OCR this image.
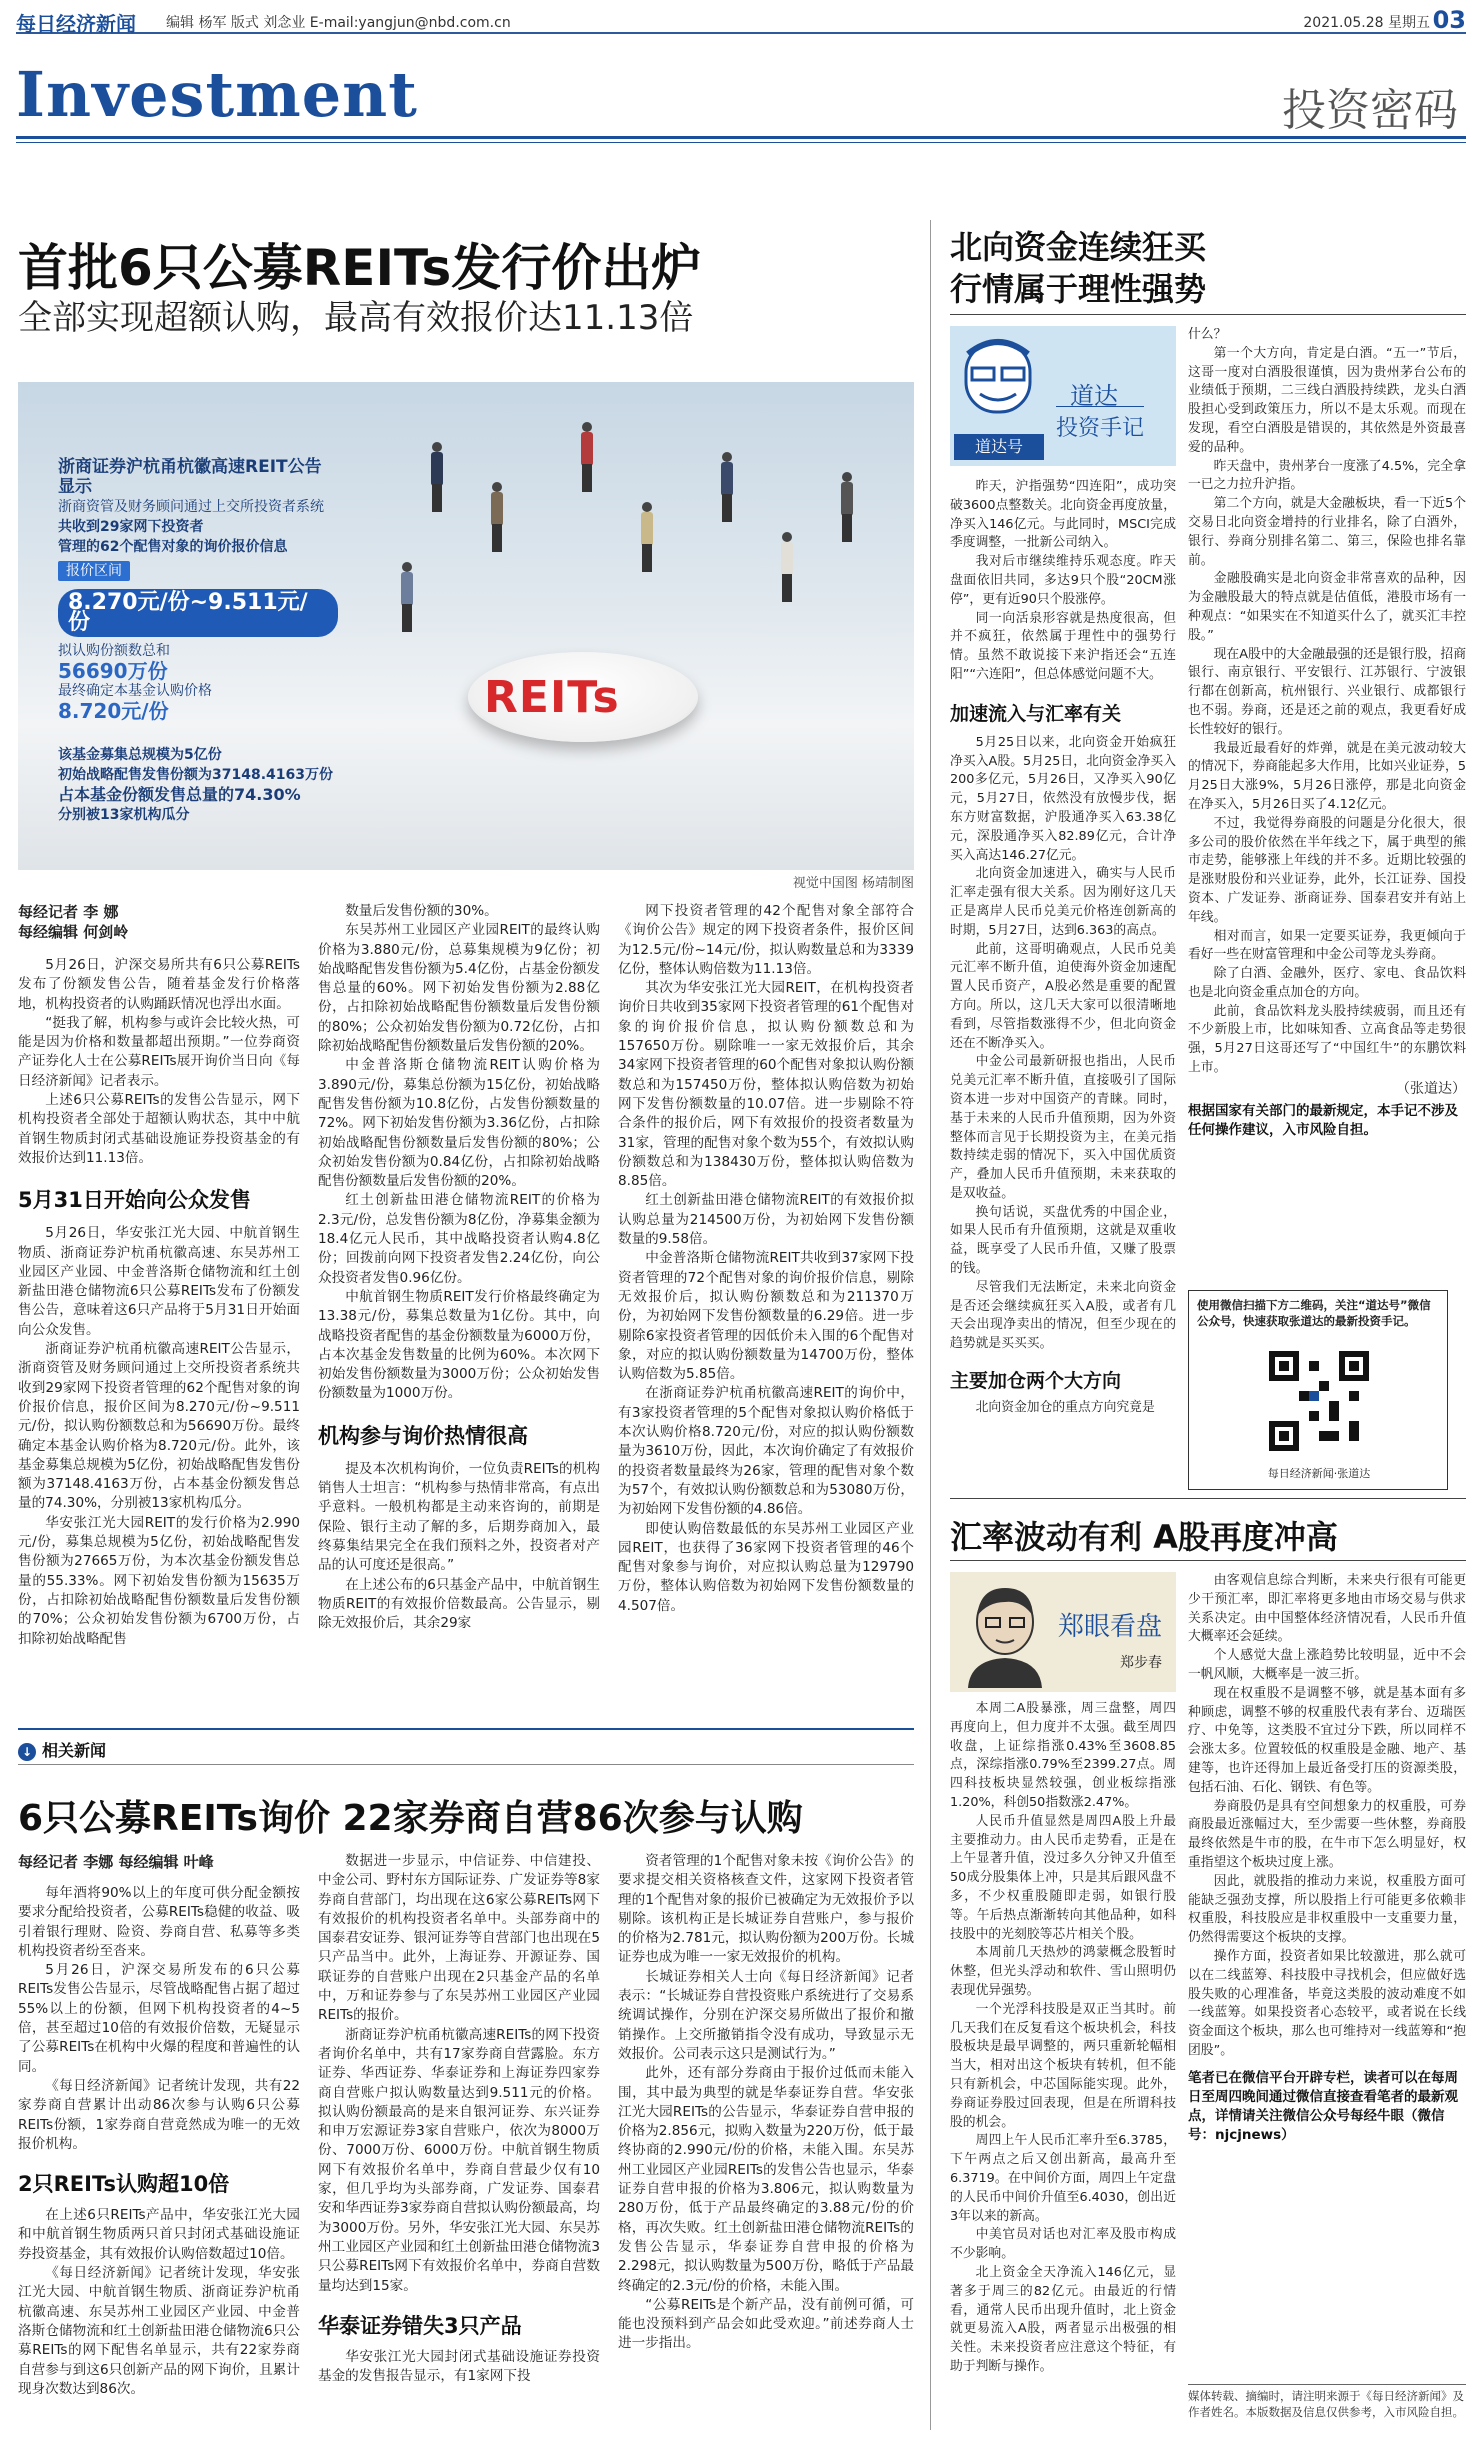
每日经济新闻 编辑 杨军 版式 刘念业 E-mail:yangjun@nbd.com.cn	2021.05.28 星期五 03
Investment	投资密码
首批6只公募REITs发行价出炉
全部实现超额认购，最高有效报价达11.13倍
浙商证券沪杭甬杭徽高速REIT公告显示
浙商资管及财务顾问通过上交所投资者系统
共收到29家网下投资者
管理的62个配售对象的询价报价信息
报价区间
8.270元/份~9.511元/份
拟认购份额数总和
56690万份
最终确定本基金认购价格
8.720元/份
该基金募集总规模为5亿份
初始战略配售发售份额为37148.4163万份
占本基金份额发售总量的74.30%
分别被13家机构瓜分
REITs
视觉中国图 杨靖制图
每经记者 李 娜
每经编辑 何剑岭

5月26日，沪深交易所共有6只公募REITs发布了份额发售公告，随着基金发行价格落地，机构投资者的认购踊跃情况也浮出水面。

“挺我了解，机构参与或许会比较火热，可能是因为价格和数量都超出预期。”一位券商资产证券化人士在公募REITs展开询价当日向《每日经济新闻》记者表示。

上述6只公募REITs的发售公告显示，网下机构投资者全部处于超额认购状态，其中中航首钢生物质封闭式基础设施证券投资基金的有效报价达到11.13倍。

5月31日开始向公众发售

5月26日，华安张江光大园、中航首钢生物质、浙商证券沪杭甬杭徽高速、东吴苏州工业园区产业园、中金普洛斯仓储物流和红土创新盐田港仓储物流6只公募REITs发布了份额发售公告，意味着这6只产品将于5月31日开始面向公众发售。

浙商证券沪杭甬杭徽高速REIT公告显示，浙商资管及财务顾问通过上交所投资者系统共收到29家网下投资者管理的62个配售对象的询价报价信息，报价区间为8.270元/份~9.511元/份，拟认购份额数总和为56690万份。最终确定本基金认购价格为8.720元/份。此外，该基金募集总规模为5亿份，初始战略配售发售份额为37148.4163万份，占本基金份额发售总量的74.30%，分别被13家机构瓜分。

华安张江光大园REIT的发行价格为2.990元/份，募集总规模为5亿份，初始战略配售发售份额为27665万份，为本次基金份额发售总量的55.33%。网下初始发售份额为15635万份，占扣除初始战略配售份额数量后发售份额的70%；公众初始发售份额为6700万份，占扣除初始战略配售

数量后发售份额的30%。

东吴苏州工业园区产业园REIT的最终认购价格为3.880元/份，总募集规模为9亿份；初始战略配售发售份额为5.4亿份，占基金份额发售总量的60%。网下初始发售份额为2.88亿份，占扣除初始战略配售份额数量后发售份额的80%；公众初始发售份额为0.72亿份，占扣除初始战略配售份额数量后发售份额的20%。

中金普洛斯仓储物流REIT认购价格为3.890元/份，募集总份额为15亿份，初始战略配售发售份额为10.8亿份，占发售份额数量的72%。网下初始发售份额为3.36亿份，占扣除初始战略配售份额数量后发售份额的80%；公众初始发售份额为0.84亿份，占扣除初始战略配售份额数量后发售份额的20%。

红土创新盐田港仓储物流REIT的价格为2.3元/份，总发售份额为8亿份，净募集金额为18.4亿元人民币，其中战略投资者认购4.8亿份；回拨前向网下投资者发售2.24亿份，向公众投资者发售0.96亿份。

中航首钢生物质REIT发行价格最终确定为13.38元/份，募集总数量为1亿份。其中，向战略投资者配售的基金份额数量为6000万份，占本次基金发售数量的比例为60%。本次网下初始发售份额数量为3000万份；公众初始发售份额数量为1000万份。

机构参与询价热情很高

提及本次机构询价，一位负责REITs的机构销售人士坦言：“机构参与热情非常高，有点出乎意料。一般机构都是主动来咨询的，前期是保险、银行主动了解的多，后期券商加入，最终募集结果完全在我们预料之外，投资者对产品的认可度还是很高。”

在上述公布的6只基金产品中，中航首钢生物质REIT的有效报价倍数最高。公告显示，剔除无效报价后，其余29家

网下投资者管理的42个配售对象全部符合《询价公告》规定的网下投资者条件，报价区间为12.5元/份~14元/份，拟认购数量总和为3339亿份，整体认购倍数为11.13倍。

其次为华安张江光大园REIT，在机构投资者询价日共收到35家网下投资者管理的61个配售对象的询价报价信息，拟认购份额数总和为157650万份。剔除唯一一家无效报价后，其余34家网下投资者管理的60个配售对象拟认购份额数总和为157450万份，整体拟认购倍数为初始网下发售份额数量的10.07倍。进一步剔除不符合条件的报价后，网下有效报价的投资者数量为31家，管理的配售对象个数为55个，有效拟认购份额数总和为138430万份，整体拟认购倍数为8.85倍。

红土创新盐田港仓储物流REIT的有效报价拟认购总量为214500万份，为初始网下发售份额数量的9.58倍。

中金普洛斯仓储物流REIT共收到37家网下投资者管理的72个配售对象的询价报价信息，剔除无效报价后，拟认购份额数总和为211370万份，为初始网下发售份额数量的6.29倍。进一步剔除6家投资者管理的因低价未入围的6个配售对象，对应的拟认购份额数量为14700万份，整体认购倍数为5.85倍。

在浙商证券沪杭甬杭徽高速REIT的询价中，有3家投资者管理的5个配售对象拟认购价格低于本次认购价格8.720元/份，对应的拟认购份额数量为3610万份，因此，本次询价确定了有效报价的投资者数量最终为26家，管理的配售对象个数为57个，有效拟认购份额数总和为53080万份，为初始网下发售份额的4.86倍。

即使认购倍数最低的东吴苏州工业园区产业园REIT，也获得了36家网下投资者管理的46个配售对象参与询价，对应拟认购总量为129790万份，整体认购倍数为初始网下发售份额数量的4.507倍。

↓ 相关新闻
6只公募REITs询价 22家券商自营86次参与认购
每经记者 李娜 每经编辑 叶峰

每年酒将90%以上的年度可供分配金额按要求分配给投资者，公募REITs稳健的收益、吸引着银行理财、险资、券商自营、私募等多类机构投资者纷至沓来。

5月26日，沪深交易所发布的6只公募REITs发售公告显示，尽管战略配售占据了超过55%以上的份额，但网下机构投资者的4~5倍，甚至超过10倍的有效报价倍数，无疑显示了公募REITs在机构中火爆的程度和普遍性的认同。

《每日经济新闻》记者统计发现，共有22家券商自营累计出动86次参与认购6只公募REITs份额，1家券商自营竟然成为唯一的无效报价机构。

2只REITs认购超10倍

在上述6只REITs产品中，华安张江光大园和中航首钢生物质两只首只封闭式基础设施证券投资基金，其有效报价认购倍数超过10倍。

《每日经济新闻》记者统计发现，华安张江光大园、中航首钢生物质、浙商证券沪杭甬杭徽高速、东吴苏州工业园区产业园、中金普洛斯仓储物流和红土创新盐田港仓储物流6只公募REITs的网下配售名单显示，共有22家券商自营参与到这6只创新产品的网下询价，且累计现身次数达到86次。

数据进一步显示，中信证券、中信建投、中金公司、野村东方国际证券、广发证券等8家券商自营部门，均出现在这6家公募REITs网下有效报价的机构投资者名单中。头部券商中的国泰君安证券、银河证券等自营部门也出现在5只产品当中。此外，上海证券、开源证券、国联证券的自营账户出现在2只基金产品的名单中，万和证券参与了东吴苏州工业园区产业园REITs的报价。

浙商证券沪杭甬杭徽高速REITs的网下投资者询价名单中，共有17家券商自营露脸。东方证券、华西证券、华泰证券和上海证券四家券商自营账户拟认购数量达到9.511元的价格。拟认购份额最高的是来自银河证券、东兴证券和申万宏源证券3家自营账户，依次为8000万份、7000万份、6000万份。中航首钢生物质网下有效报价名单中，券商自营最少仅有10家，但几乎均为头部券商，广发证券、国泰君安和华西证券3家券商自营拟认购份额最高，均为3000万份。另外，华安张江光大园、东吴苏州工业园区产业园和红土创新盐田港仓储物流3只公募REITs网下有效报价名单中，券商自营数量均达到15家。

华泰证券错失3只产品

华安张江光大园封闭式基础设施证券投资基金的发售报告显示，有1家网下投

资者管理的1个配售对象未按《询价公告》的要求提交相关资格核查文件，这家网下投资者管理的1个配售对象的报价已被确定为无效报价予以剔除。该机构正是长城证券自营账户，参与报价的价格为2.781元，拟认购份额为200万份。长城证券也成为唯一一家无效报价的机构。

长城证券相关人士向《每日经济新闻》记者表示：“长城证券自营投资账户系统进行了交易系统调试操作，分别在沪深交易所做出了报价和撤销操作。上交所撤销指令没有成功，导致显示无效报价。公司表示这只是测试行为。”

此外，还有部分券商由于报价过低而未能入围，其中最为典型的就是华泰证券自营。华安张江光大园REITs的公告显示，华泰证券自营申报的价格为2.856元，拟购入数量为220万份，低于最终协商的2.990元/份的价格，未能入围。东吴苏州工业园区产业园REITs的发售公告也显示，华泰证券自营申报的价格为3.806元，拟认购数量为280万份，低于产品最终确定的3.88元/份的价格，再次失败。红土创新盐田港仓储物流REITs的发售公告显示，华泰证券自营申报的价格为2.298元，拟认购数量为500万份，略低于产品最终确定的2.3元/份的价格，未能入围。

“公募REITs是个新产品，没有前例可循，可能也没预料到产品会如此受欢迎。”前述券商人士进一步指出。

北向资金连续狂买
行情属于理性强势
道达号
道达
投资手记

昨天，沪指强势“四连阳”，成功突破3600点整数关。北向资金再度放量，净买入146亿元。与此同时，MSCI完成季度调整，一批新公司纳入。

我对后市继续维持乐观态度。昨天盘面依旧共同，多达9只个股“20CM涨停”，更有近90只个股涨停。

同一向活泉形容就是热度很高，但并不疯狂，依然属于理性中的强势行情。虽然不敢说接下来沪指还会“五连阳”“六连阳”，但总体感觉问题不大。

加速流入与汇率有关

5月25日以来，北向资金开始疯狂净买入A股。5月25日，北向资金净买入200多亿元，5月26日，又净买入90亿元，5月27日，依然没有放慢步伐，据东方财富数据，沪股通净买入63.38亿元，深股通净买入82.89亿元，合计净买入高达146.27亿元。

北向资金加速进入，确实与人民币汇率走强有很大关系。因为刚好这几天正是离岸人民币兑美元价格连创新高的时期，5月27日，达到6.363的高点。

此前，这哥明确观点，人民币兑美元汇率不断升值，迫使海外资金加速配置人民币资产，A股必然是重要的配置方向。所以，这几天大家可以很清晰地看到，尽管指数涨得不少，但北向资金还在不断净买入。

中金公司最新研报也指出，人民币兑美元汇率不断升值，直接吸引了国际资本进一步对中国资产的青睐。同时，基于未来的人民币升值预期，因为外资整体而言见于长期投资为主，在美元指数持续走弱的情况下，买入中国优质资产，叠加人民币升值预期，未来获取的是双收益。

换句话说，买盘优秀的中国企业，如果人民币有升值预期，这就是双重收益，既享受了人民币升值，又赚了股票的钱。

尽管我们无法断定，未来北向资金是否还会继续疯狂买入A股，或者有几天会出现净卖出的情况，但至少现在的趋势就是买买买。

主要加仓两个大方向

北向资金加仓的重点方向究竟是

什么？

第一个大方向，肯定是白酒。“五一”节后，这哥一度对白酒股很谨慎，因为贵州茅台公布的业绩低于预期，二三线白酒股持续跌，龙头白酒股担心受到政策压力，所以不是太乐观。而现在发现，看空白酒股是错误的，其依然是外资最喜爱的品种。

昨天盘中，贵州茅台一度涨了4.5%，完全拿一已之力拉升沪指。

第二个方向，就是大金融板块，看一下近5个交易日北向资金增持的行业排名，除了白酒外，银行、券商分别排名第二、第三，保险也排名靠前。

金融股确实是北向资金非常喜欢的品种，因为金融股最大的特点就是估值低，港股市场有一种观点：“如果实在不知道买什么了，就买汇丰控股。”

现在A股中的大金融最强的还是银行股，招商银行、南京银行、平安银行、江苏银行、宁波银行都在创新高，杭州银行、兴业银行、成都银行也不弱。券商，还是还之前的观点，我更看好成长性较好的银行。

我最近最看好的炸弹，就是在美元波动较大的情况下，券商能起多大作用，比如兴业证券，5月25日大涨9%，5月26日涨停，那是北向资金在净买入，5月26日买了4.12亿元。

不过，我觉得券商股的问题是分化很大，很多公司的股价依然在半年线之下，属于典型的熊市走势，能够涨上年线的并不多。近期比较强的是涨财股份和兴业证券，此外，长江证券、国投资本、广发证券、浙商证券、国泰君安并有站上年线。

相对而言，如果一定要买证券，我更倾向于看好一些在财富管理和中金公司等龙头券商。

除了白酒、金融外，医疗、家电、食品饮料也是北向资金重点加仓的方向。

此前，食品饮料龙头股持续疲弱，而且还有不少新股上市，比如味知香、立高食品等走势很强，5月27日这哥还写了“中国红牛”的东鹏饮料上市。

（张道达）
根据国家有关部门的最新规定，本手记不涉及任何操作建议，入市风险自担。
使用微信扫描下方二维码，关注“道达号”微信公众号，快速获取张道达的最新投资手记。
每日经济新闻·张道达
汇率波动有利 A股再度冲高
郑眼看盘
郑步春

本周二A股暴涨，周三盘整，周四再度向上，但力度并不太强。截至周四收盘，上证综指涨0.43%至3608.85点，深综指涨0.79%至2399.27点。周四科技板块显然较强，创业板综指涨1.20%，科创50指数涨2.47%。

人民币升值显然是周四A股上升最主要推动力。由人民币走势看，正是在上午显著升值，没过多久分钟又升值至50成分股集体上冲，只是其后跟风盘不多，不少权重股随即走弱，如银行股等。午后热点渐渐转向其他品种，如科技股中的光刻胶等芯片相关个股。

本周前几天热炒的鸿蒙概念股暂时休整，但光头浮动和软件、雪山照明仍表现优异强势。

一个光浮科技股是双正当其时。前几天我们在反复看这个板块机会，科技股板块是最早调整的，两只重新轮幅相当大，相对出这个板块有转机，但不能只有新机会，中芯国际能实现。此外，券商证券股过回表现，但是在所谓科技股的机会。

周四上午人民币汇率升至6.3785，下午两点之后又创出新高，最高升至6.3719。在中间价方面，周四上午定盘的人民币中间价升值至6.4030，创出近3年以来的新高。

中美官员对话也对汇率及股市构成不少影响。

北上资金全天净流入146亿元，显著多于周三的82亿元。由最近的行情看，通常人民币出现升值时，北上资金就更易流入A股，两者显示出极强的相关性。未来投资者应注意这个特征，有助于判断与操作。

由客观信息综合判断，未来央行很有可能更少干预汇率，即汇率将更多地由市场交易与供求关系决定。由中国整体经济情况看，人民币升值大概率还会延续。

个人感觉大盘上涨趋势比较明显，近中不会一帆风顺，大概率是一波三折。

现在权重股不是调整不够，就是基本面有多种顾虑，调整不够的权重股代表有茅台、迈瑞医疗、中免等，这类股不宜过分下跌，所以同样不会涨太多。位置较低的权重股是金融、地产、基建等，也许还得加上最近备受打压的资源类股，包括石油、石化、钢铁、有色等。

券商股仍是具有空间想象力的权重股，可券商股最近涨幅过大，至少需要一些休整，券商股最终依然是牛市的股，在牛市下怎么明显好，权重指望这个板块过度上涨。

因此，就股指的推动力来说，权重股方面可能缺乏强劲支撑，所以股指上行可能更多依赖非权重股，科技股应是非权重股中一支重要力量，仍然得需要这个板块的支撑。

操作方面，投资者如果比较激进，那么就可以在二线蓝筹、科技股中寻找机会，但应做好选股失败的心理准备，毕竟这类股的波动难度不如一线蓝筹。如果投资者心态较平，或者说在长线资金面这个板块，那么也可维持对一线蓝筹和“抱团股”。

笔者已在微信平台开辟专栏，读者可以在每周日至周四晚间通过微信直接查看笔者的最新观点，详情请关注微信公众号每经牛眼（微信号：njcjnews）
媒体转载、摘编时，请注明来源于《每日经济新闻》及作者姓名。本版数据及信息仅供参考，入市风险自担。
